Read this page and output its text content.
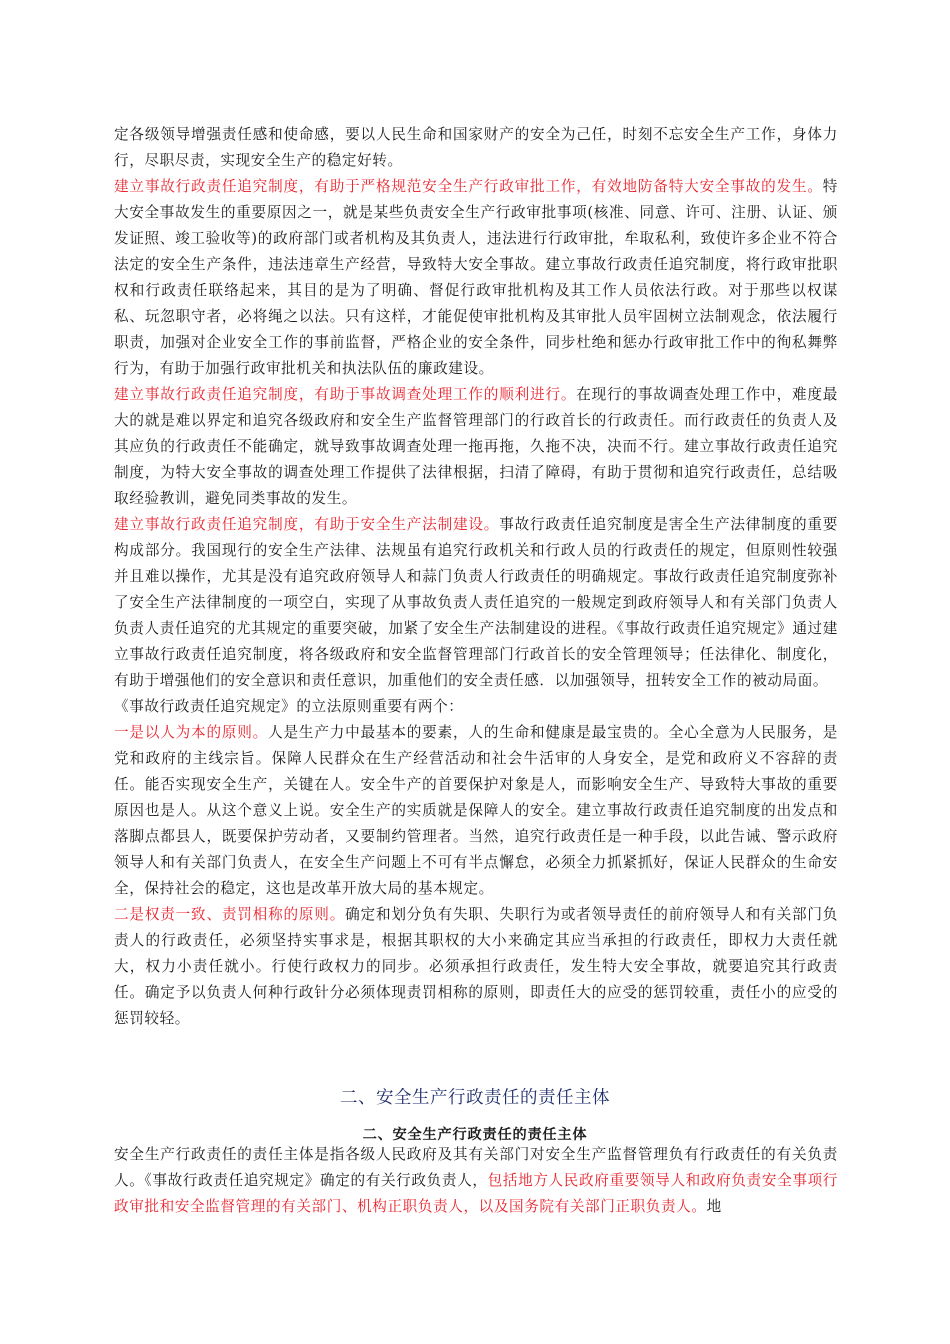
定各级领导增强责任感和使命感，要以人民生命和国家财产的安全为己任，时刻不忘安全生产工作，身体力行，尽职尽责，实现安全生产的稳定好转。

建立事故行政责任追究制度，有助于严格规范安全生产行政审批工作，有效地防备特大安全事故的发生。特大安全事故发生的重要原因之一，就是某些负责安全生产行政审批事项(核准、同意、许可、注册、认证、颁发证照、竣工验收等)的政府部门或者机构及其负责人，违法进行行政审批，牟取私利，致使许多企业不符合法定的安全生产条件，违法违章生产经营，导致特大安全事故。建立事故行政责任追究制度，将行政审批职权和行政责任联络起来，其目的是为了明确、督促行政审批机构及其工作人员依法行政。对于那些以权谋私、玩忽职守者，必将绳之以法。只有这样，才能促使审批机构及其审批人员牢固树立法制观念，依法履行职责，加强对企业安全工作的事前监督，严格企业的安全条件，同步杜绝和惩办行政审批工作中的徇私舞弊行为，有助于加强行政审批机关和执法队伍的廉政建设。

建立事故行政责任追究制度，有助于事故调查处理工作的顺利进行。在现行的事故调查处理工作中，难度最大的就是难以界定和追究各级政府和安全生产监督管理部门的行政首长的行政责任。而行政责任的负责人及其应负的行政责任不能确定，就导致事故调查处理一拖再拖，久拖不决，决而不行。建立事故行政责任追究制度，为特大安全事故的调查处理工作提供了法律根据，扫清了障碍，有助于贯彻和追究行政责任，总结吸取经验教训，避免同类事故的发生。

建立事故行政责任追究制度，有助于安全生产法制建设。事故行政责任追究制度是害全生产法律制度的重要构成部分。我国现行的安全生产法律、法规虽有追究行政机关和行政人员的行政责任的规定，但原则性较强并且难以操作，尤其是没有追究政府领导人和蒜门负责人行政责任的明确规定。事故行政责任追究制度弥补了安全生产法律制度的一项空白，实现了从事故负责人责任追究的一般规定到政府领导人和有关部门负责人负责人责任追究的尤其规定的重要突破，加紧了安全生产法制建设的进程。《事故行政责任追究规定》通过建立事故行政责任追究制度，将各级政府和安全监督管理部门行政首长的安全管理领导；任法律化、制度化，有助于增强他们的安全意识和责任意识，加重他们的安全责任感．以加强领导，扭转安全工作的被动局面。

《事故行政责任追究规定》的立法原则重要有两个：

一是以人为本的原则。人是生产力中最基本的要素，人的生命和健康是最宝贵的。全心全意为人民服务，是党和政府的主线宗旨。保障人民群众在生产经营活动和社会牛活审的人身安全，是党和政府义不容辞的责任。能否实现安全生产，关键在人。安全牛产的首要保护对象是人，而影响安全生产、导致特大事故的重要原因也是人。从这个意义上说。安全生产的实质就是保障人的安全。建立事故行政责任追究制度的出发点和落脚点都县人，既要保护劳动者，又要制约管理者。当然，追究行政责任是一种手段，以此告诫、警示政府领导人和有关部门负责人，在安全生产问题上不可有半点懈怠，必须全力抓紧抓好，保证人民群众的生命安全，保持社会的稳定，这也是改革开放大局的基本规定。

二是权责一致、责罚相称的原则。确定和划分负有失职、失职行为或者领导责任的前府领导人和有关部门负责人的行政责任，必须坚持实事求是，根据其职权的大小来确定其应当承担的行政责任，即权力大责任就大，权力小责任就小。行使行政权力的同步。必须承担行政责任，发生特大安全事故，就要追究其行政责任。确定予以负责人何种行政针分必须体现责罚相称的原则，即责任大的应受的惩罚较重，责任小的应受的惩罚较轻。

二、安全生产行政责任的责任主体
二、安全生产行政责任的责任主体

安全生产行政责任的责任主体是指各级人民政府及其有关部门对安全生产监督管理负有行政责任的有关负责人。《事故行政责任追究规定》确定的有关行政负责人，包括地方人民政府重要领导人和政府负责安全事项行政审批和安全监督管理的有关部门、机构正职负责人，以及国务院有关部门正职负责人。地
